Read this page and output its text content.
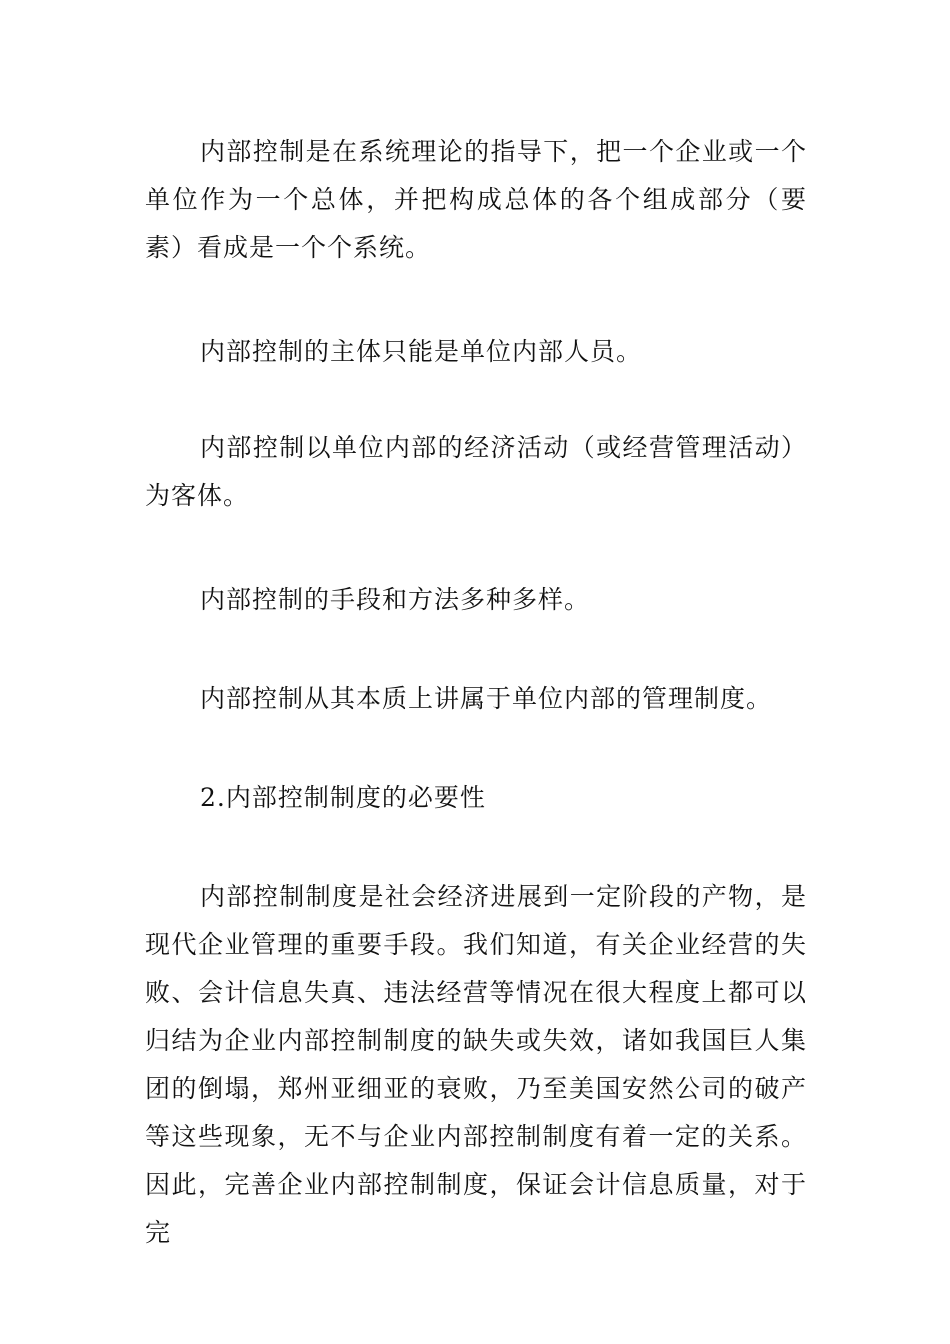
内部控制是在系统理论的指导下，把一个企业或一个单位作为一个总体，并把构成总体的各个组成部分（要素）看成是一个个系统。

内部控制的主体只能是单位内部人员。

内部控制以单位内部的经济活动（或经营管理活动）为客体。

内部控制的手段和方法多种多样。

内部控制从其本质上讲属于单位内部的管理制度。

2.内部控制制度的必要性

内部控制制度是社会经济进展到一定阶段的产物，是现代企业管理的重要手段。我们知道，有关企业经营的失败、会计信息失真、违法经营等情况在很大程度上都可以归结为企业内部控制制度的缺失或失效，诸如我国巨人集团的倒塌，郑州亚细亚的衰败，乃至美国安然公司的破产等这些现象，无不与企业内部控制制度有着一定的关系。因此，完善企业内部控制制度，保证会计信息质量，对于完
